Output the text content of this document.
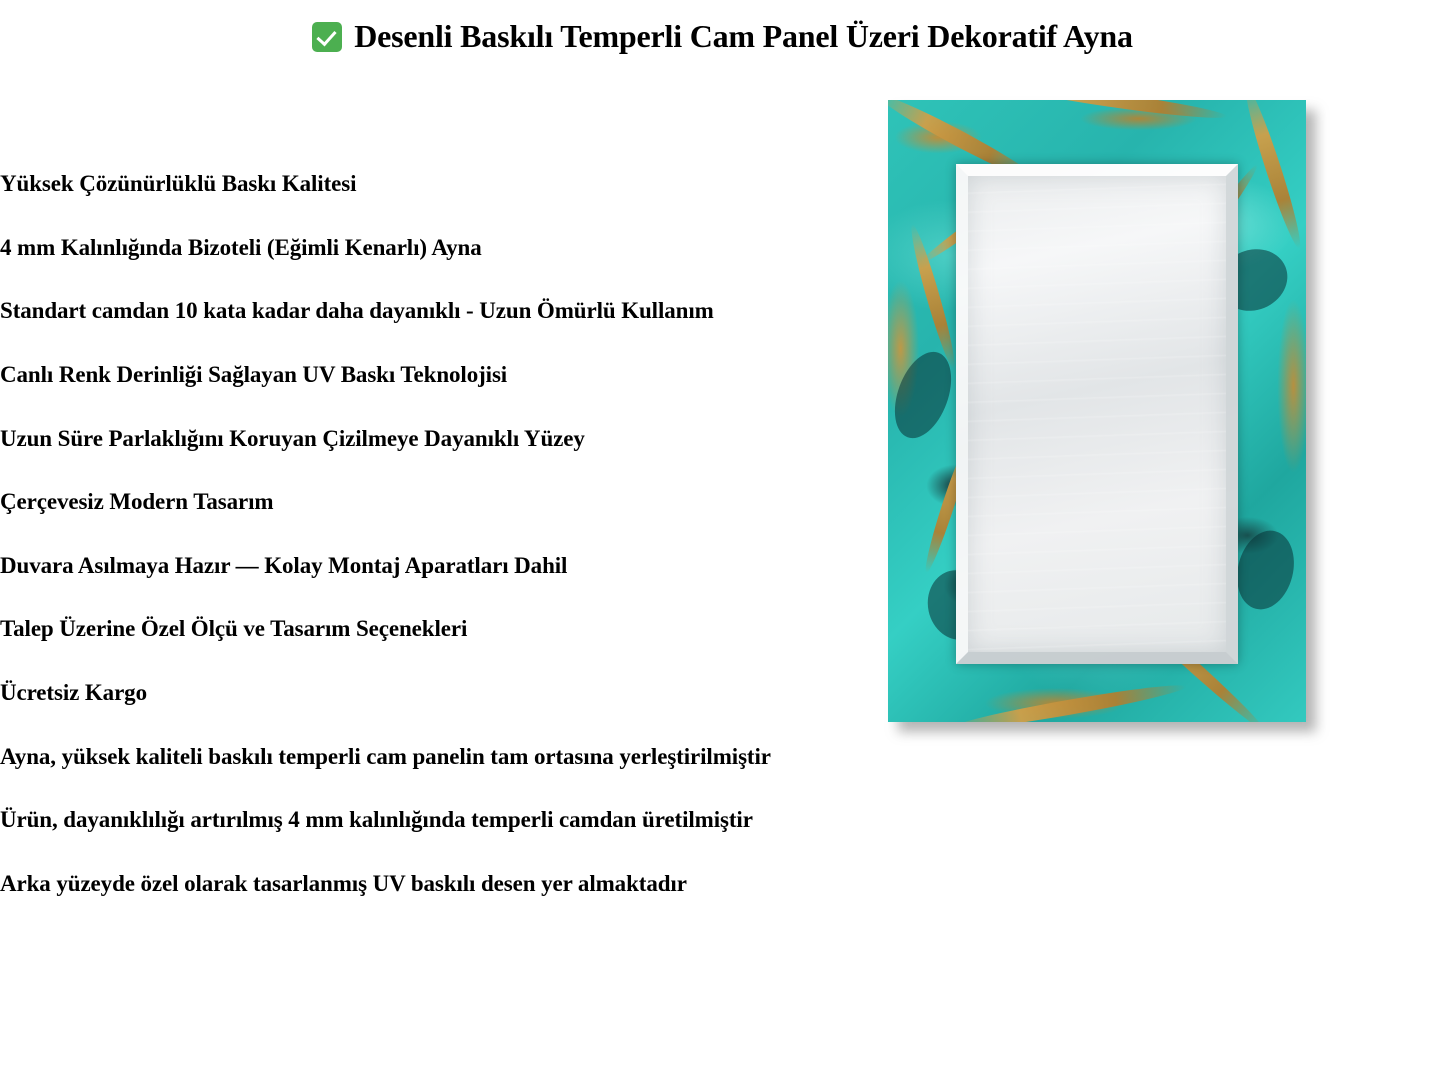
Desenli Baskılı Temperli Cam Panel Üzeri Dekoratif Ayna

Yüksek Çözünürlüklü Baskı Kalitesi

4 mm Kalınlığında Bizoteli (Eğimli Kenarlı) Ayna

Standart camdan 10 kata kadar daha dayanıklı - Uzun Ömürlü Kullanım

Canlı Renk Derinliği Sağlayan UV Baskı Teknolojisi

Uzun Süre Parlaklığını Koruyan Çizilmeye Dayanıklı Yüzey

Çerçevesiz Modern Tasarım

Duvara Asılmaya Hazır — Kolay Montaj Aparatları Dahil

Talep Üzerine Özel Ölçü ve Tasarım Seçenekleri

Ücretsiz Kargo

Ayna, yüksek kaliteli baskılı temperli cam panelin tam ortasına yerleştirilmiştir

Ürün, dayanıklılığı artırılmış 4 mm kalınlığında temperli camdan üretilmiştir

Arka yüzeyde özel olarak tasarlanmış UV baskılı desen yer almaktadır
